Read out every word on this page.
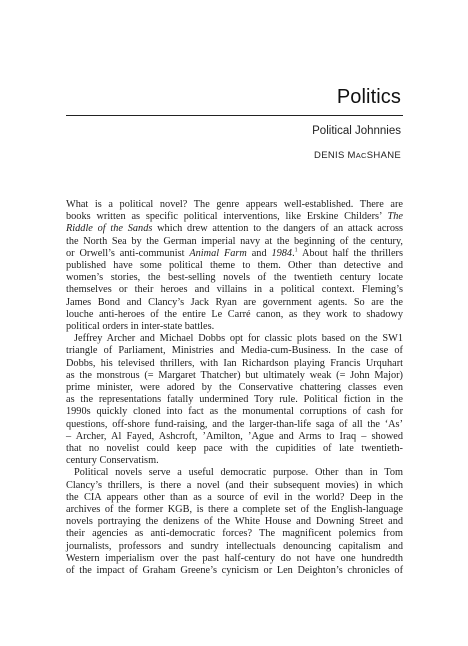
Politics
Political Johnnies
DENIS MACSHANE
What is a political novel? The genre appears well-established. There are
books written as specific political interventions, like Erskine Childers’ The
Riddle of the Sands which drew attention to the dangers of an attack across
the North Sea by the German imperial navy at the beginning of the century,
or Orwell’s anti-communist Animal Farm and 1984.$^1$ About half the thrillers
published have some political theme to them. Other than detective and
women’s stories, the best-selling novels of the twentieth century locate
themselves or their heroes and villains in a political context. Fleming’s
James Bond and Clancy’s Jack Ryan are government agents. So are the
louche anti-heroes of the entire Le Carré canon, as they work to shadowy
political orders in inter-state battles.
Jeffrey Archer and Michael Dobbs opt for classic plots based on the SW1
triangle of Parliament, Ministries and Media-cum-Business. In the case of
Dobbs, his televised thrillers, with Ian Richardson playing Francis Urquhart
as the monstrous (= Margaret Thatcher) but ultimately weak (= John Major)
prime minister, were adored by the Conservative chattering classes even
as the representations fatally undermined Tory rule. Political fiction in the
1990s quickly cloned into fact as the monumental corruptions of cash for
questions, off-shore fund-raising, and the larger-than-life saga of all the ‘As’
– Archer, Al Fayed, Ashcroft, ’Amilton, ’Ague and Arms to Iraq – showed
that no novelist could keep pace with the cupidities of late twentieth-
century Conservatism.
Political novels serve a useful democratic purpose. Other than in Tom
Clancy’s thrillers, is there a novel (and their subsequent movies) in which
the CIA appears other than as a source of evil in the world? Deep in the
archives of the former KGB, is there a complete set of the English-language
novels portraying the denizens of the White House and Downing Street and
their agencies as anti-democratic forces? The magnificent polemics from
journalists, professors and sundry intellectuals denouncing capitalism and
Western imperialism over the past half-century do not have one hundredth
of the impact of Graham Greene’s cynicism or Len Deighton’s chronicles of
